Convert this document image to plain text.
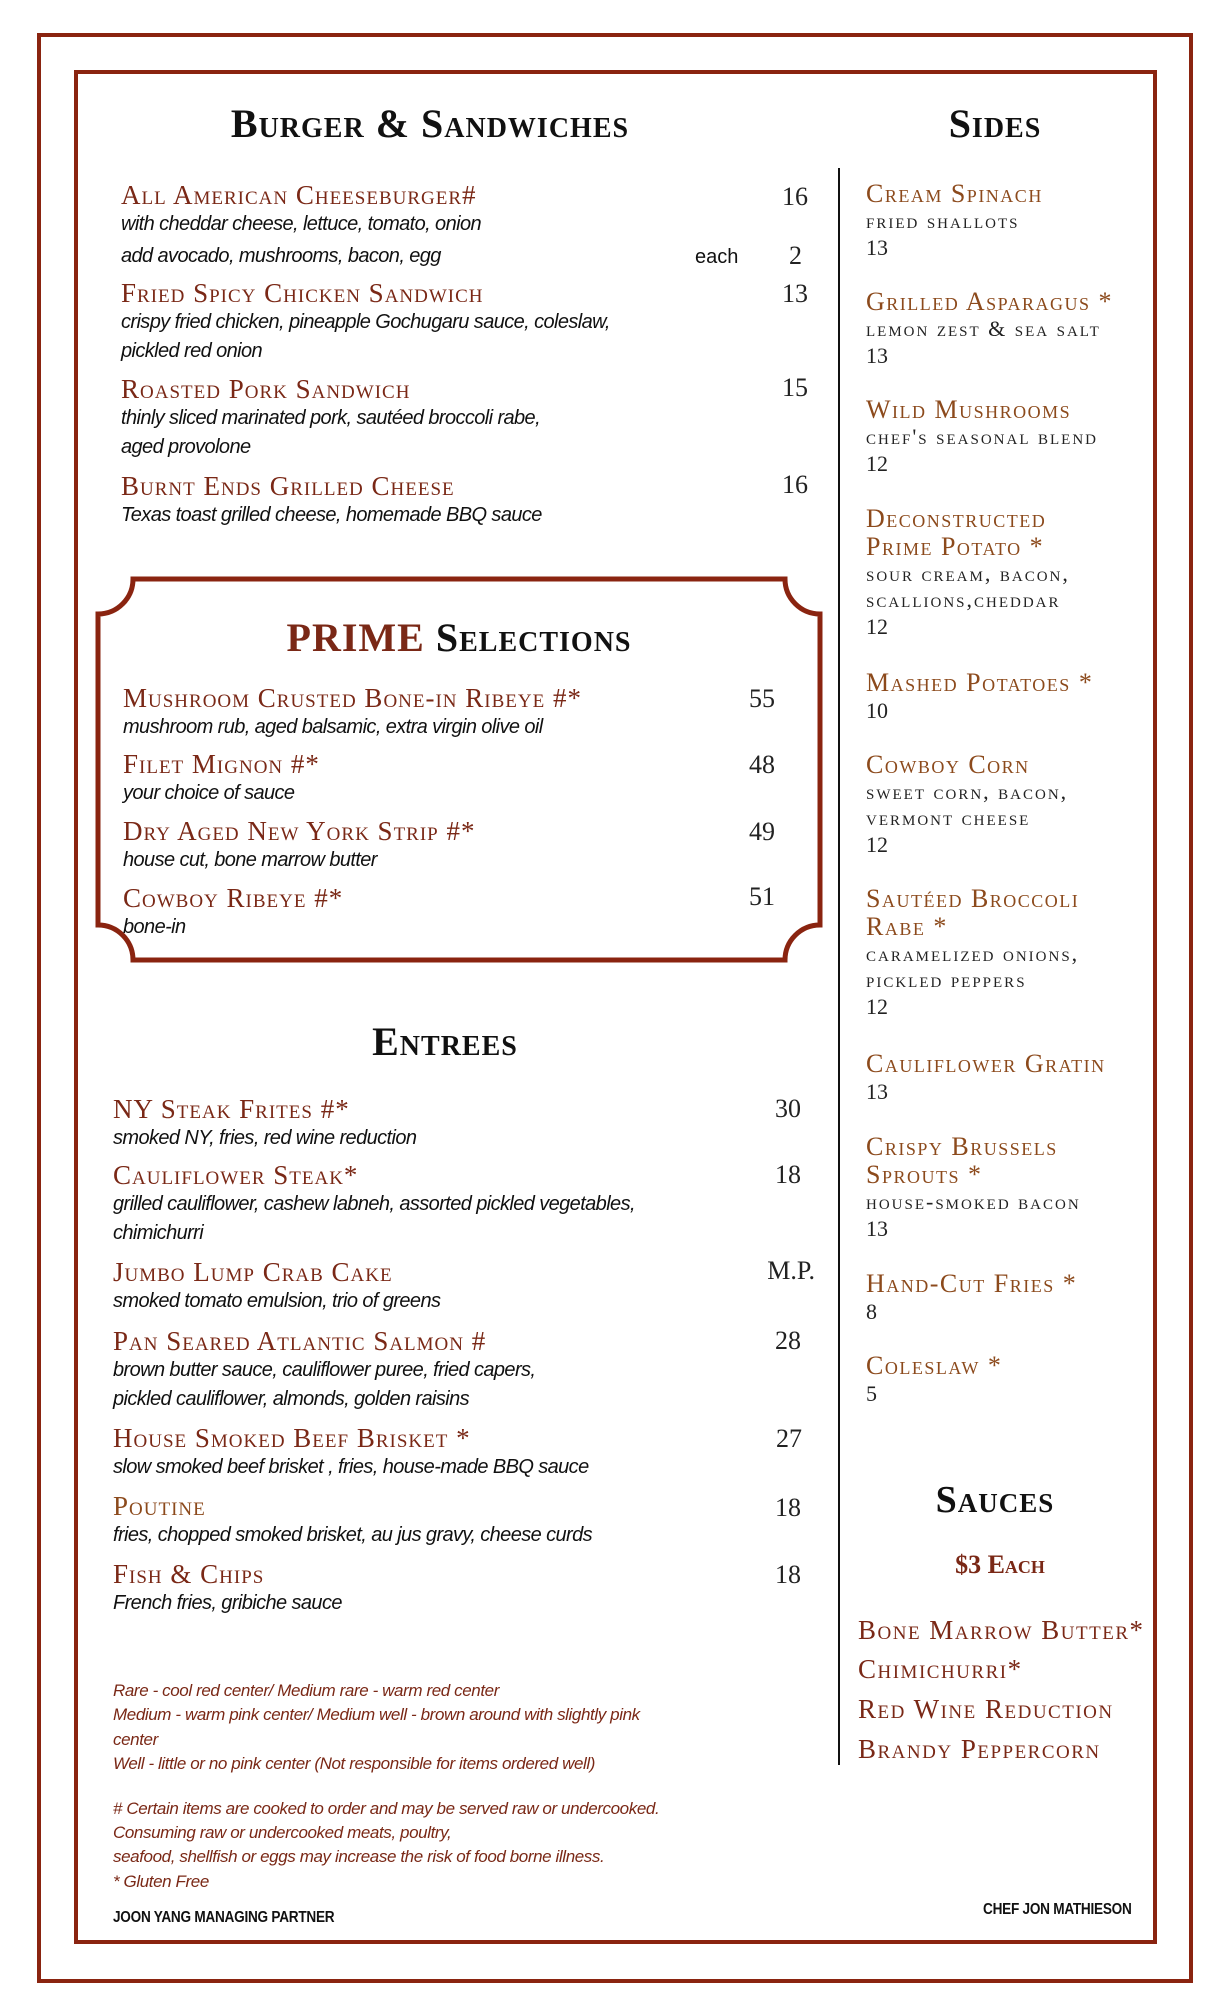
Burger & Sandwiches
All American Cheeseburger#
with cheddar cheese, lettuce, tomato, onion
16
add avocado, mushrooms, bacon, egg	each	2
Fried Spicy Chicken Sandwich
crispy fried chicken, pineapple Gochugaru sauce, coleslaw,
pickled red onion
13
Roasted Pork Sandwich
thinly sliced marinated pork, sautéed broccoli rabe,
aged provolone
15
Burnt Ends Grilled Cheese
Texas toast grilled cheese, homemade BBQ sauce
16
PRIME Selections
Mushroom Crusted Bone-in Ribeye #*
mushroom rub, aged balsamic, extra virgin olive oil
55
Filet Mignon #*
your choice of sauce
48
Dry Aged New York Strip #*
house cut, bone marrow butter
49
Cowboy Ribeye #*
bone-in
51
Entrees
NY Steak Frites #*
smoked NY, fries, red wine reduction
30
Cauliflower Steak*
grilled cauliflower, cashew labneh, assorted pickled vegetables,
chimichurri
18
Jumbo Lump Crab Cake
smoked tomato emulsion, trio of greens
M.P.
Pan Seared Atlantic Salmon #
brown butter sauce, cauliflower puree, fried capers,
pickled cauliflower, almonds, golden raisins
28
House Smoked Beef Brisket *
slow smoked beef brisket , fries, house-made BBQ sauce
27
Poutine
fries, chopped smoked brisket, au jus gravy, cheese curds
18
Fish & Chips
French fries, gribiche sauce
18
Rare - cool red center/ Medium rare - warm red center
Medium - warm pink center/ Medium well - brown around with slightly pink
center
Well - little or no pink center (Not responsible for items ordered well)
# Certain items are cooked to order and may be served raw or undercooked.
Consuming raw or undercooked meats, poultry,
seafood, shellfish or eggs may increase the risk of food borne illness.
* Gluten Free
JOON YANG MANAGING PARTNER	CHEF JON MATHIESON
Sides
Cream Spinach
fried shallots
13
Grilled Asparagus *
lemon zest & sea salt
13
Wild Mushrooms
chef's seasonal blend
12
Deconstructed
Prime Potato *
sour cream, bacon,
scallions,cheddar
12
Mashed Potatoes *
10
Cowboy Corn
sweet corn, bacon,
vermont cheese
12
Sautéed Broccoli
Rabe *
caramelized onions,
pickled peppers
12
Cauliflower Gratin
13
Crispy Brussels
Sprouts *
house-smoked bacon
13
Hand-Cut Fries *
8
Coleslaw *
5
Sauces
$3 Each
Bone Marrow Butter*
Chimichurri*
Red Wine Reduction
Brandy Peppercorn
